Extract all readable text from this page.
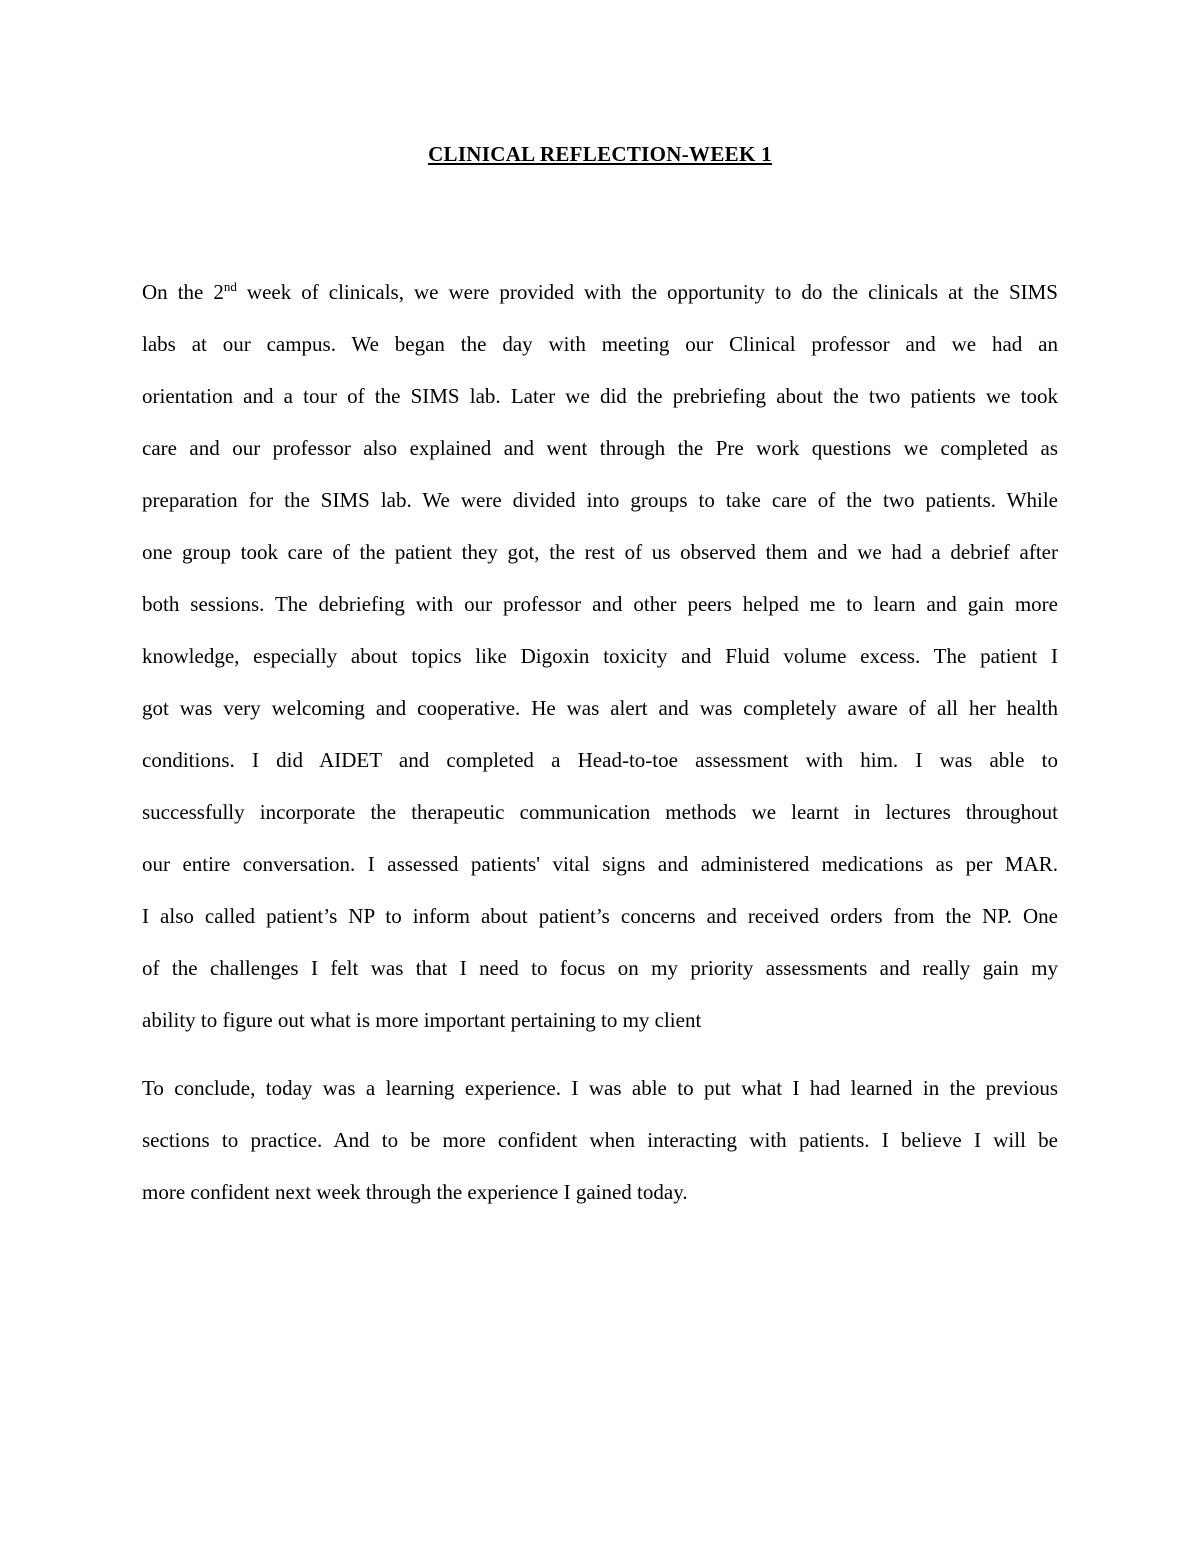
CLINICAL REFLECTION-WEEK 1
On the 2nd week of clinicals, we were provided with the opportunity to do the clinicals at the SIMS
labs at our campus. We began the day with meeting our Clinical professor and we had an
orientation and a tour of the SIMS lab. Later we did the prebriefing about the two patients we took
care and our professor also explained and went through the Pre work questions we completed as
preparation for the SIMS lab. We were divided into groups to take care of the two patients. While
one group took care of the patient they got, the rest of us observed them and we had a debrief after
both sessions. The debriefing with our professor and other peers helped me to learn and gain more
knowledge, especially about topics like Digoxin toxicity and Fluid volume excess. The patient I
got was very welcoming and cooperative. He was alert and was completely aware of all her health
conditions. I did AIDET and completed a Head-to-toe assessment with him. I was able to
successfully incorporate the therapeutic communication methods we learnt in lectures throughout
our entire conversation. I assessed patients' vital signs and administered medications as per MAR.
I also called patient’s NP to inform about patient’s concerns and received orders from the NP. One
of the challenges I felt was that I need to focus on my priority assessments and really gain my
ability to figure out what is more important pertaining to my client
To conclude, today was a learning experience. I was able to put what I had learned in the previous
sections to practice. And to be more confident when interacting with patients. I believe I will be
more confident next week through the experience I gained today.
